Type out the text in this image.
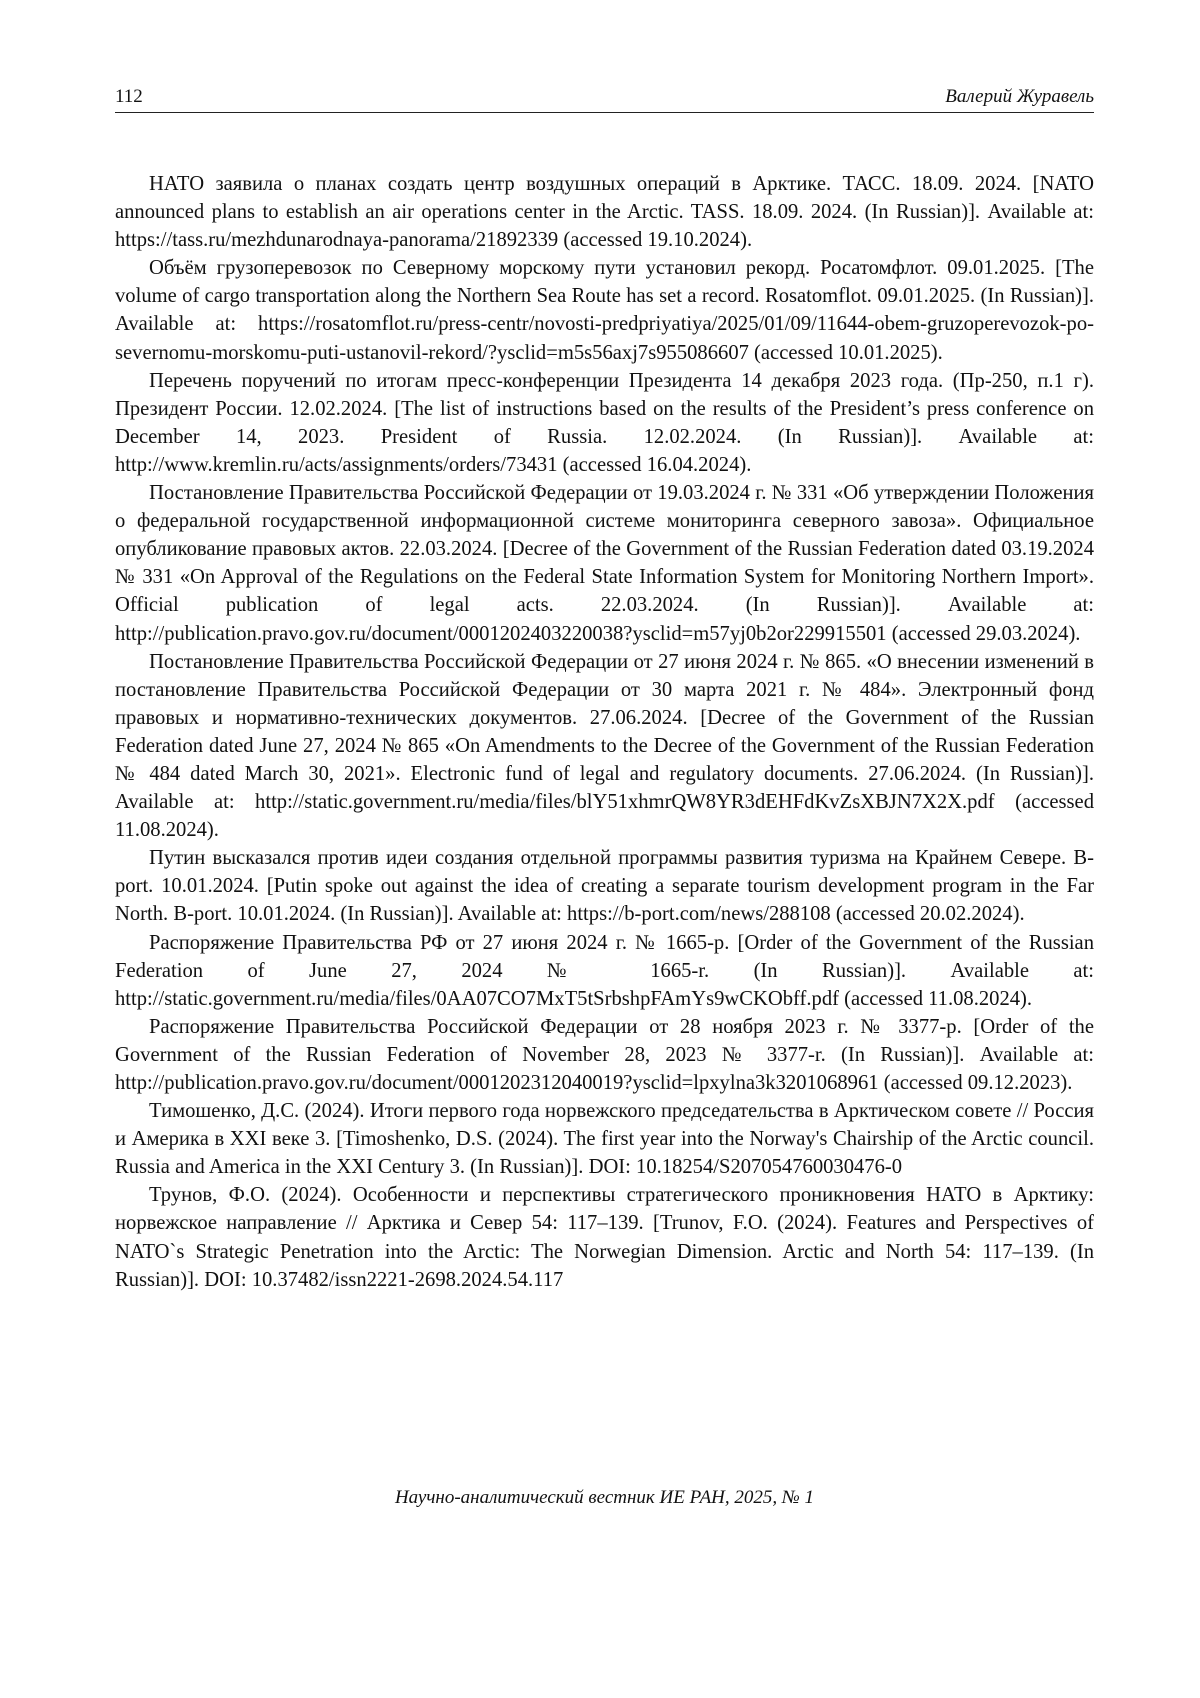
112	Валерий Журавель

НАТО заявила о планах создать центр воздушных операций в Арктике. ТАСС. 18.09. 2024. [NATO announced plans to establish an air operations center in the Arctic. TASS. 18.09. 2024. (In Russian)]. Available at: https://tass.ru/mezhdunarodnaya-panorama/21892339 (accessed 19.10.2024).

Объём грузоперевозок по Северному морскому пути установил рекорд. Росатомфлот. 09.01.2025. [The volume of cargo transportation along the Northern Sea Route has set a record. Rosatomflot. 09.01.2025. (In Russian)]. Available at: https://rosatomflot.ru/press-centr/novosti-predpriyatiya/2025/01/09/11644-obem-gruzoperevozok-po-severnomu-morskomu-puti-ustanovil-rekord/?ysclid=m5s56axj7s955086607 (accessed 10.01.2025).

Перечень поручений по итогам пресс-конференции Президента 14 декабря 2023 года. (Пр-250, п.1 г). Президент России. 12.02.2024. [The list of instructions based on the results of the President’s press conference on December 14, 2023. President of Russia. 12.02.2024. (In Russian)]. Available at: http://www.kremlin.ru/acts/assignments/orders/73431 (accessed 16.04.2024).

Постановление Правительства Российской Федерации от 19.03.2024 г. № 331 «Об утверждении Положения о федеральной государственной информационной системе мониторинга северного завоза». Официальное опубликование правовых актов. 22.03.2024. [Decree of the Government of the Russian Federation dated 03.19.2024 № 331 «On Approval of the Regulations on the Federal State Information System for Monitoring Northern Import». Official publication of legal acts. 22.03.2024. (In Russian)]. Available at: http://publication.pravo.gov.ru/document/0001202403220038?ysclid=m57yj0b2or229915501 (accessed 29.03.2024).

Постановление Правительства Российской Федерации от 27 июня 2024 г. № 865. «О внесении изменений в постановление Правительства Российской Федерации от 30 марта 2021 г. № 484». Электронный фонд правовых и нормативно-технических документов. 27.06.2024. [Decree of the Government of the Russian Federation dated June 27, 2024 № 865 «On Amendments to the Decree of the Government of the Russian Federation № 484 dated March 30, 2021». Electronic fund of legal and regulatory documents. 27.06.2024. (In Russian)]. Available at: http://static.government.ru/media/files/blY51xhmrQW8YR3dEHFdKvZsXBJN7X2X.pdf (accessed 11.08.2024).

Путин высказался против идеи создания отдельной программы развития туризма на Крайнем Севере. B-port. 10.01.2024. [Putin spoke out against the idea of creating a separate tourism development program in the Far North. B-port. 10.01.2024. (In Russian)]. Available at: https://b-port.com/news/288108 (accessed 20.02.2024).

Распоряжение Правительства РФ от 27 июня 2024 г. № 1665-р. [Order of the Government of the Russian Federation of June 27, 2024 № 1665-r. (In Russian)]. Available at: http://static.government.ru/media/files/0AA07CO7MxT5tSrbshpFAmYs9wCKObff.pdf (accessed 11.08.2024).

Распоряжение Правительства Российской Федерации от 28 ноября 2023 г. № 3377-р. [Order of the Government of the Russian Federation of November 28, 2023 № 3377-r. (In Russian)]. Available at: http://publication.pravo.gov.ru/document/0001202312040019?ysclid=lpxylna3k3201068961 (accessed 09.12.2023).

Тимошенко, Д.С. (2024). Итоги первого года норвежского председательства в Арктическом совете // Россия и Америка в XXI веке 3. [Timoshenko, D.S. (2024). The first year into the Norway's Chairship of the Arctic council. Russia and America in the XXI Century 3. (In Russian)]. DOI: 10.18254/S207054760030476-0

Трунов, Ф.О. (2024). Особенности и перспективы стратегического проникновения НАТО в Арктику: норвежское направление // Арктика и Север 54: 117–139. [Trunov, F.O. (2024). Features and Perspectives of NATO`s Strategic Penetration into the Arctic: The Norwegian Dimension. Arctic and North 54: 117–139. (In Russian)]. DOI: 10.37482/issn2221-2698.2024.54.117

Научно-аналитический вестник ИЕ РАН, 2025, № 1
